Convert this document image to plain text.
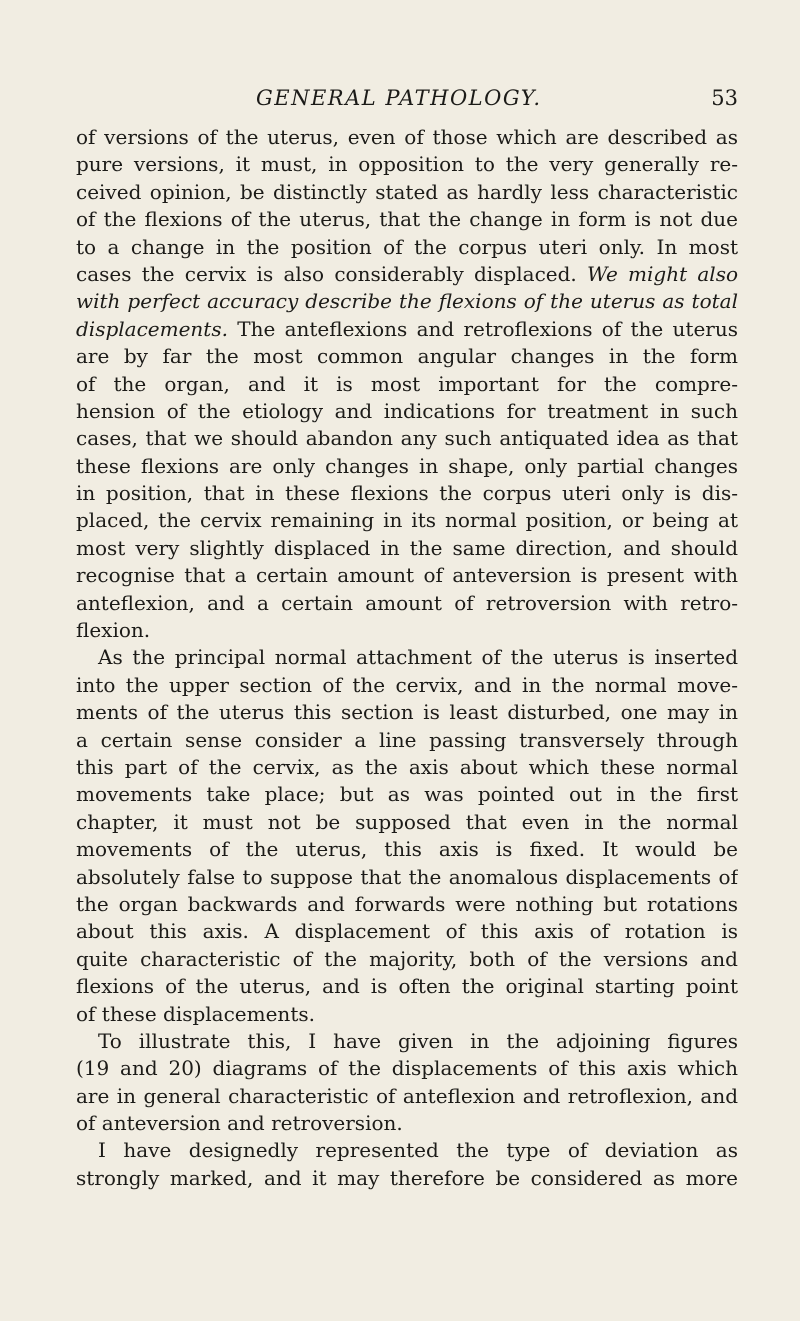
GENERAL PATHOLOGY.	53
of versions of the uterus, even of those which are described as
pure versions, it must, in opposition to the very generally re-
ceived opinion, be distinctly stated as hardly less characteristic
of the flexions of the uterus, that the change in form is not due
to a change in the position of the corpus uteri only. In most
cases the cervix is also considerably displaced. We might also
with perfect accuracy describe the flexions of the uterus as total
displacements. The anteflexions and retroflexions of the uterus
are by far the most common angular changes in the form
of the organ, and it is most important for the compre-
hension of the etiology and indications for treatment in such
cases, that we should abandon any such antiquated idea as that
these flexions are only changes in shape, only partial changes
in position, that in these flexions the corpus uteri only is dis-
placed, the cervix remaining in its normal position, or being at
most very slightly displaced in the same direction, and should
recognise that a certain amount of anteversion is present with
anteflexion, and a certain amount of retroversion with retro-
flexion.
As the principal normal attachment of the uterus is inserted
into the upper section of the cervix, and in the normal move-
ments of the uterus this section is least disturbed, one may in
a certain sense consider a line passing transversely through
this part of the cervix, as the axis about which these normal
movements take place; but as was pointed out in the first
chapter, it must not be supposed that even in the normal
movements of the uterus, this axis is fixed. It would be
absolutely false to suppose that the anomalous displacements of
the organ backwards and forwards were nothing but rotations
about this axis. A displacement of this axis of rotation is
quite characteristic of the majority, both of the versions and
flexions of the uterus, and is often the original starting point
of these displacements.
To illustrate this, I have given in the adjoining figures
(19 and 20) diagrams of the displacements of this axis which
are in general characteristic of anteflexion and retroflexion, and
of anteversion and retroversion.
I have designedly represented the type of deviation as
strongly marked, and it may therefore be considered as more
